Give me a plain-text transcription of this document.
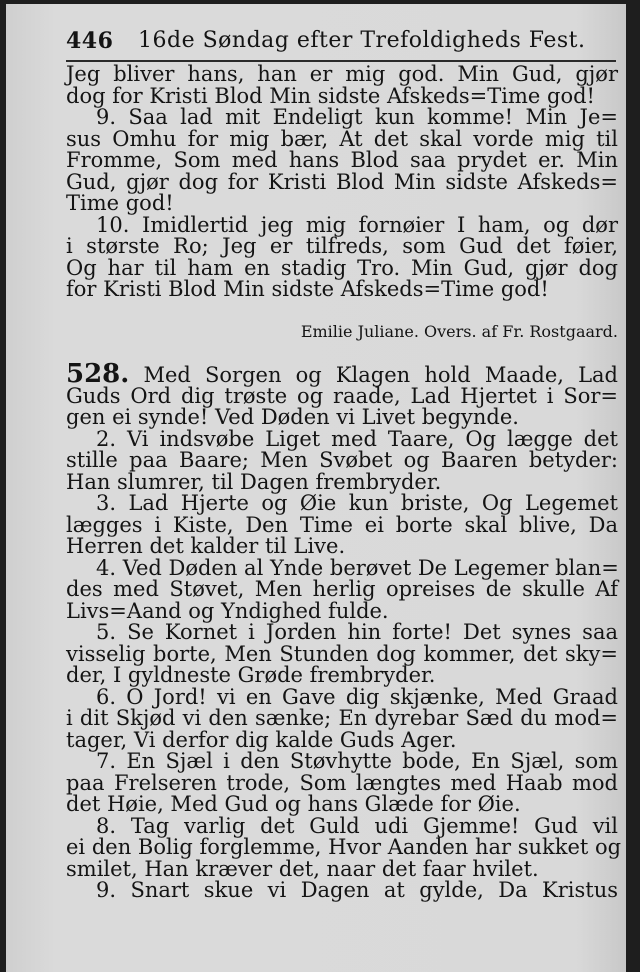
446 16de Søndag efter Trefoldigheds Fest.
Jeg bliver hans, han er mig god. Min Gud, gjør
dog for Kristi Blod Min sidste Afskeds=Time god!
9. Saa lad mit Endeligt kun komme! Min Je=
sus Omhu for mig bær, At det skal vorde mig til
Fromme, Som med hans Blod saa prydet er. Min
Gud, gjør dog for Kristi Blod Min sidste Afskeds=
Time god!
10. Imidlertid jeg mig fornøier I ham, og dør
i største Ro; Jeg er tilfreds, som Gud det føier,
Og har til ham en stadig Tro. Min Gud, gjør dog
for Kristi Blod Min sidste Afskeds=Time god!
Emilie Juliane. Overs. af Fr. Rostgaard.
528. Med Sorgen og Klagen hold Maade, Lad
Guds Ord dig trøste og raade, Lad Hjertet i Sor=
gen ei synde! Ved Døden vi Livet begynde.
2. Vi indsvøbe Liget med Taare, Og lægge det
stille paa Baare; Men Svøbet og Baaren betyder:
Han slumrer, til Dagen frembryder.
3. Lad Hjerte og Øie kun briste, Og Legemet
lægges i Kiste, Den Time ei borte skal blive, Da
Herren det kalder til Live.
4. Ved Døden al Ynde berøvet De Legemer blan=
des med Støvet, Men herlig opreises de skulle Af
Livs=Aand og Yndighed fulde.
5. Se Kornet i Jorden hin forte! Det synes saa
visselig borte, Men Stunden dog kommer, det sky=
der, I gyldneste Grøde frembryder.
6. O Jord! vi en Gave dig skjænke, Med Graad
i dit Skjød vi den sænke; En dyrebar Sæd du mod=
tager, Vi derfor dig kalde Guds Ager.
7. En Sjæl i den Støvhytte bode, En Sjæl, som
paa Frelseren trode, Som længtes med Haab mod
det Høie, Med Gud og hans Glæde for Øie.
8. Tag varlig det Guld udi Gjemme! Gud vil
ei den Bolig forglemme, Hvor Aanden har sukket og
smilet, Han kræver det, naar det faar hvilet.
9. Snart skue vi Dagen at gylde, Da Kristus
